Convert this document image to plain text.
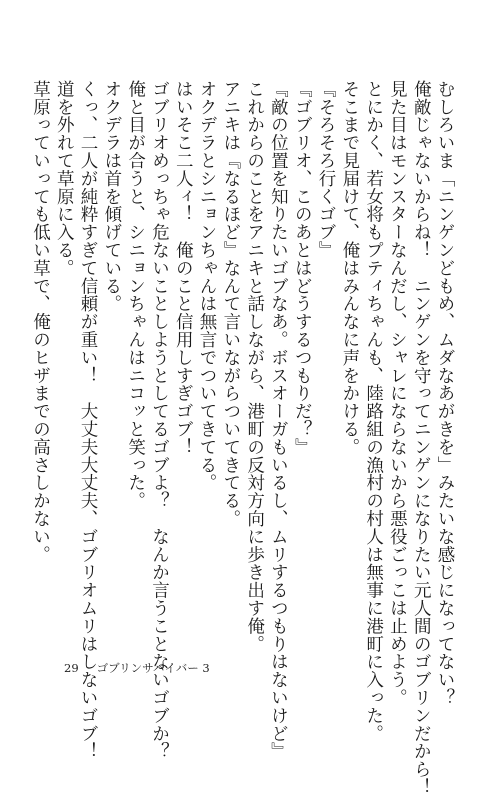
むしろいま「ニンゲンどもめ、ムダなあがきを」みたいな感じになってない？

俺敵じゃないからね！　ニンゲンを守ってニンゲンになりたい元人間のゴブリンだから！

見た目はモンスターなんだし、シャレにならないから悪役ごっこは止めよう。

とにかく、若女将もプティちゃんも、陸路組の漁村の村人は無事に港町に入った。

そこまで見届けて、俺はみんなに声をかける。

『そろそろ行くゴブ』

『ゴブリオ、このあとはどうするつもりだ？』

『敵の位置を知りたいゴブなあ。ボスオーガもいるし、ムリするつもりはないけど』

これからのことをアニキと話しながら、港町の反対方向に歩き出す俺。

アニキは『なるほど』なんて言いながらついてきてる。

オクデラとシニョンちゃんは無言でついてきてる。

はいそこ二人ィ！　俺のこと信用しすぎゴブ！

ゴブリオめっちゃ危ないことしようとしてるゴブよ？　なんか言うことないゴブか？

俺と目が合うと、シニョンちゃんはニコッと笑った。

オクデラは首を傾げている。

くっ、二人が純粋すぎて信頼が重い！　大丈夫大丈夫、ゴブリオムリはしないゴブ！

道を外れて草原に入る。

草原っていっても低い草で、俺のヒザまでの高さしかない。

29 ゴブリンサバイバー 3
